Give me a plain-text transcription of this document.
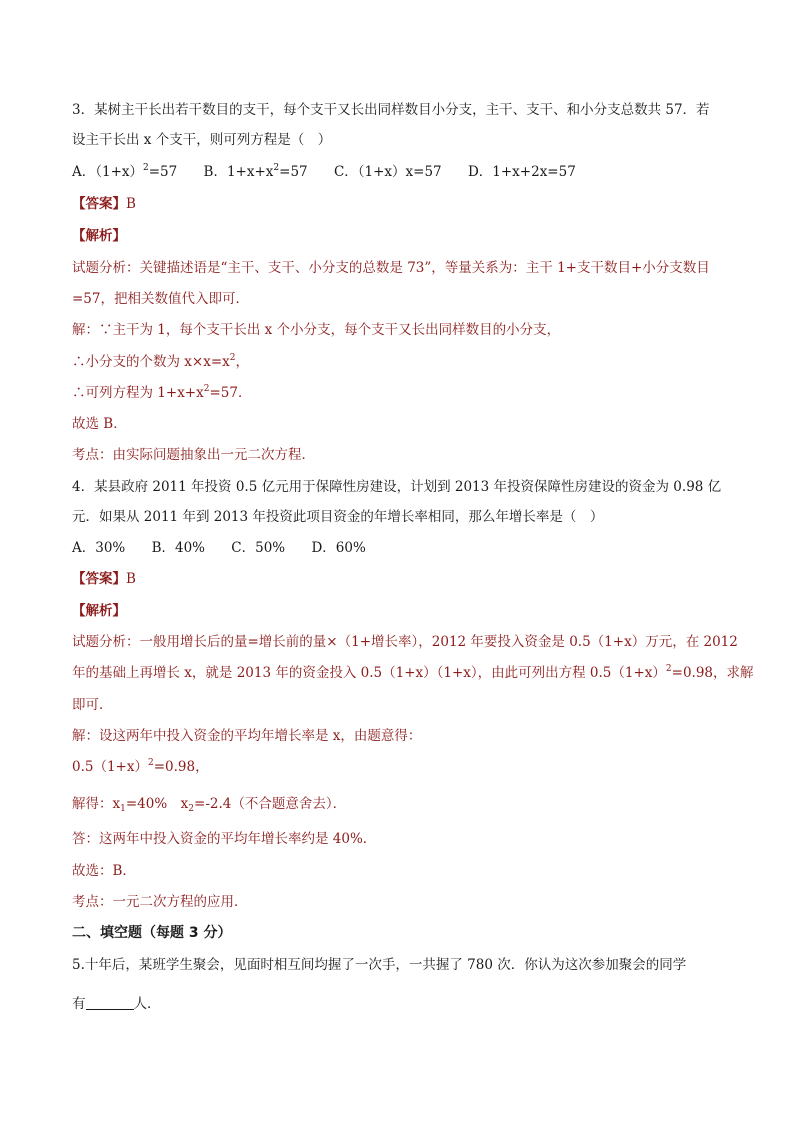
3．某树主干长出若干数目的支干，每个支干又长出同样数目小分支，主干、支干、和小分支总数共 57．若
设主干长出 x 个支干，则可列方程是（　）
A．$(1+x)^2=57$ B．$1+x+x^2=57$ C．（1+x）x=57 D．1+x+2x=57
【答案】B
【解析】
试题分析：关键描述语是“主干、支干、小分支的总数是 73”，等量关系为：主干 1+支干数目+小分支数目
=57，把相关数值代入即可．
解：∵主干为 1，每个支干长出 x 个小分支，每个支干又长出同样数目的小分支，
∴小分支的个数为 $x\times x=x^2$，
∴可列方程为 $1+x+x^2=57$．
故选 B．
考点：由实际问题抽象出一元二次方程．
4．某县政府 2011 年投资 0.5 亿元用于保障性房建设，计划到 2013 年投资保障性房建设的资金为 0.98 亿
元．如果从 2011 年到 2013 年投资此项目资金的年增长率相同，那么年增长率是（　）
A．30% B．40% C．50% D．60%
【答案】B
【解析】
试题分析：一般用增长后的量=增长前的量×（1+增长率），2012 年要投入资金是 0.5（1+x）万元，在 2012
年的基础上再增长 x，就是 2013 年的资金投入 0.5（1+x）（1+x），由此可列出方程 $0.5(1+x)^2=0.98$，求解
即可．
解：设这两年中投入资金的平均年增长率是 x，由题意得：
$0.5(1+x)^2=0.98$，
解得：$x_1=40\%$　$x_2=-2.4$（不合题意舍去）．
答：这两年中投入资金的平均年增长率约是 40%．
故选：B．
考点：一元二次方程的应用．
二、填空题（每题 3 分）
5.十年后，某班学生聚会，见面时相互间均握了一次手，一共握了 780 次．你认为这次参加聚会的同学
有	人．
